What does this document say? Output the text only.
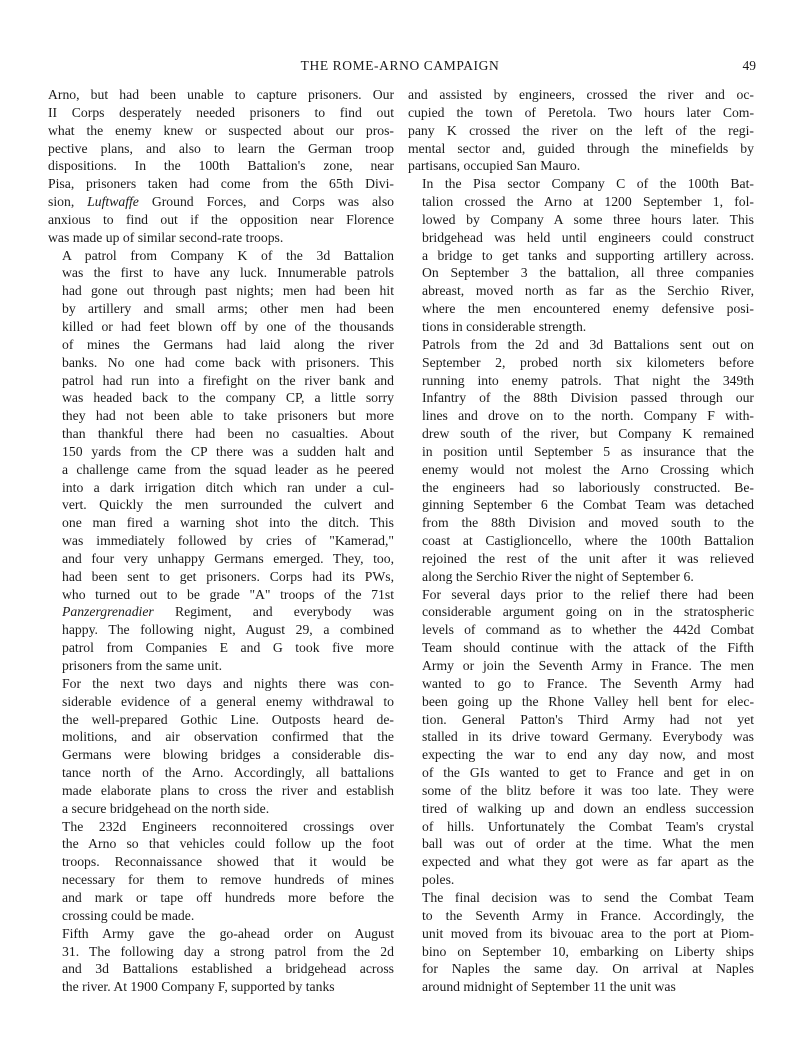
THE ROME-ARNO CAMPAIGN	49

Arno, but had been unable to capture prisoners. Our
II Corps desperately needed prisoners to find out
what the enemy knew or suspected about our pros-
pective plans, and also to learn the German troop
dispositions. In the 100th Battalion's zone, near
Pisa, prisoners taken had come from the 65th Divi-
sion, Luftwaffe Ground Forces, and Corps was also
anxious to find out if the opposition near Florence
was made up of similar second-rate troops.

A patrol from Company K of the 3d Battalion
was the first to have any luck. Innumerable patrols
had gone out through past nights; men had been hit
by artillery and small arms; other men had been
killed or had feet blown off by one of the thousands
of mines the Germans had laid along the river
banks. No one had come back with prisoners. This
patrol had run into a firefight on the river bank and
was headed back to the company CP, a little sorry
they had not been able to take prisoners but more
than thankful there had been no casualties. About
150 yards from the CP there was a sudden halt and
a challenge came from the squad leader as he peered
into a dark irrigation ditch which ran under a cul-
vert. Quickly the men surrounded the culvert and
one man fired a warning shot into the ditch. This
was immediately followed by cries of "Kamerad,"
and four very unhappy Germans emerged. They, too,
had been sent to get prisoners. Corps had its PWs,
who turned out to be grade "A" troops of the 71st
Panzergrenadier Regiment, and everybody was
happy. The following night, August 29, a combined
patrol from Companies E and G took five more
prisoners from the same unit.

For the next two days and nights there was con-
siderable evidence of a general enemy withdrawal to
the well-prepared Gothic Line. Outposts heard de-
molitions, and air observation confirmed that the
Germans were blowing bridges a considerable dis-
tance north of the Arno. Accordingly, all battalions
made elaborate plans to cross the river and establish
a secure bridgehead on the north side.

The 232d Engineers reconnoitered crossings over
the Arno so that vehicles could follow up the foot
troops. Reconnaissance showed that it would be
necessary for them to remove hundreds of mines
and mark or tape off hundreds more before the
crossing could be made.

Fifth Army gave the go-ahead order on August
31. The following day a strong patrol from the 2d
and 3d Battalions established a bridgehead across
the river. At 1900 Company F, supported by tanks

and assisted by engineers, crossed the river and oc-
cupied the town of Peretola. Two hours later Com-
pany K crossed the river on the left of the regi-
mental sector and, guided through the minefields by
partisans, occupied San Mauro.

In the Pisa sector Company C of the 100th Bat-
talion crossed the Arno at 1200 September 1, fol-
lowed by Company A some three hours later. This
bridgehead was held until engineers could construct
a bridge to get tanks and supporting artillery across.
On September 3 the battalion, all three companies
abreast, moved north as far as the Serchio River,
where the men encountered enemy defensive posi-
tions in considerable strength.

Patrols from the 2d and 3d Battalions sent out on
September 2, probed north six kilometers before
running into enemy patrols. That night the 349th
Infantry of the 88th Division passed through our
lines and drove on to the north. Company F with-
drew south of the river, but Company K remained
in position until September 5 as insurance that the
enemy would not molest the Arno Crossing which
the engineers had so laboriously constructed. Be-
ginning September 6 the Combat Team was detached
from the 88th Division and moved south to the
coast at Castiglioncello, where the 100th Battalion
rejoined the rest of the unit after it was relieved
along the Serchio River the night of September 6.

For several days prior to the relief there had been
considerable argument going on in the stratospheric
levels of command as to whether the 442d Combat
Team should continue with the attack of the Fifth
Army or join the Seventh Army in France. The men
wanted to go to France. The Seventh Army had
been going up the Rhone Valley hell bent for elec-
tion. General Patton's Third Army had not yet
stalled in its drive toward Germany. Everybody was
expecting the war to end any day now, and most
of the GIs wanted to get to France and get in on
some of the blitz before it was too late. They were
tired of walking up and down an endless succession
of hills. Unfortunately the Combat Team's crystal
ball was out of order at the time. What the men
expected and what they got were as far apart as the
poles.

The final decision was to send the Combat Team
to the Seventh Army in France. Accordingly, the
unit moved from its bivouac area to the port at Piom-
bino on September 10, embarking on Liberty ships
for Naples the same day. On arrival at Naples
around midnight of September 11 the unit was
